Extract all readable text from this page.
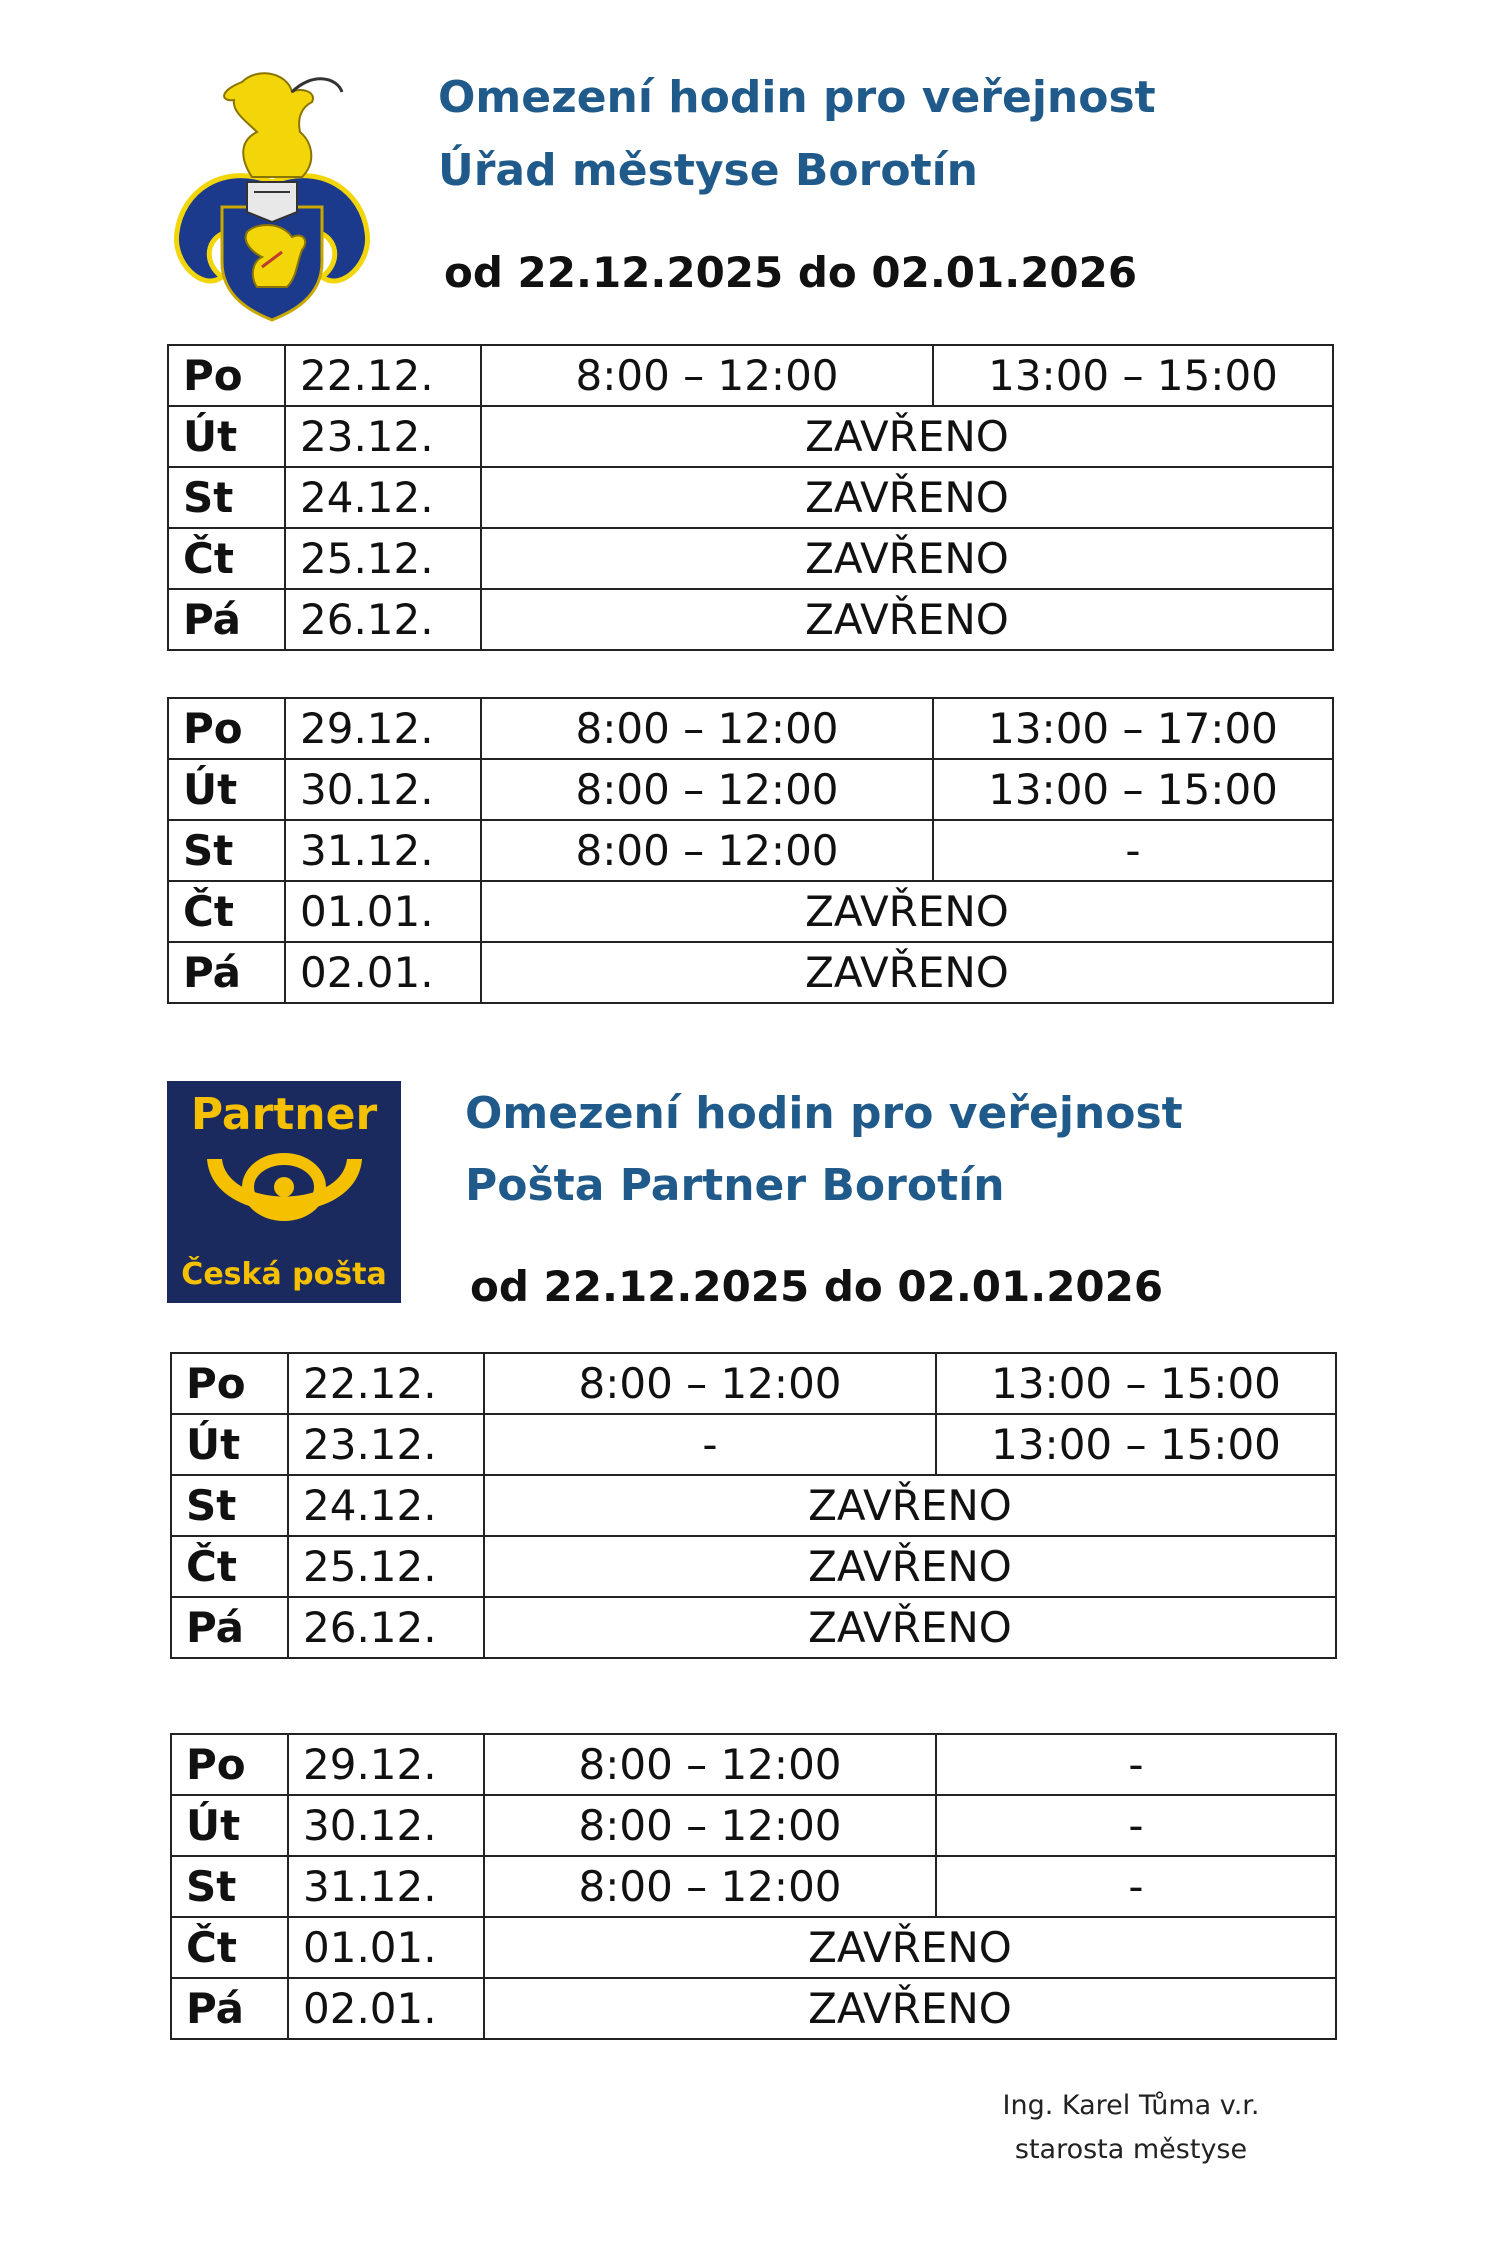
Omezení hodin pro veřejnost
Úřad městyse Borotín
od 22.12.2025 do 02.01.2026
Po	22.12.	8:00 – 12:00	13:00 – 15:00
Út	23.12.	ZAVŘENO	
St	24.12.	ZAVŘENO	
Čt	25.12.	ZAVŘENO	
Pá	26.12.	ZAVŘENO	
Po	29.12.	8:00 – 12:00	13:00 – 17:00
Út	30.12.	8:00 – 12:00	13:00 – 15:00
St	31.12.	8:00 – 12:00	-
Čt	01.01.	ZAVŘENO	
Pá	02.01.	ZAVŘENO	
Partner
Česká pošta
Omezení hodin pro veřejnost
Pošta Partner Borotín
od 22.12.2025 do 02.01.2026
Po	22.12.	8:00 – 12:00	13:00 – 15:00
Út	23.12.	-	13:00 – 15:00
St	24.12.	ZAVŘENO	
Čt	25.12.	ZAVŘENO	
Pá	26.12.	ZAVŘENO	
Po	29.12.	8:00 – 12:00	-
Út	30.12.	8:00 – 12:00	-
St	31.12.	8:00 – 12:00	-
Čt	01.01.	ZAVŘENO	
Pá	02.01.	ZAVŘENO	
Ing. Karel Tůma v.r.
starosta městyse
